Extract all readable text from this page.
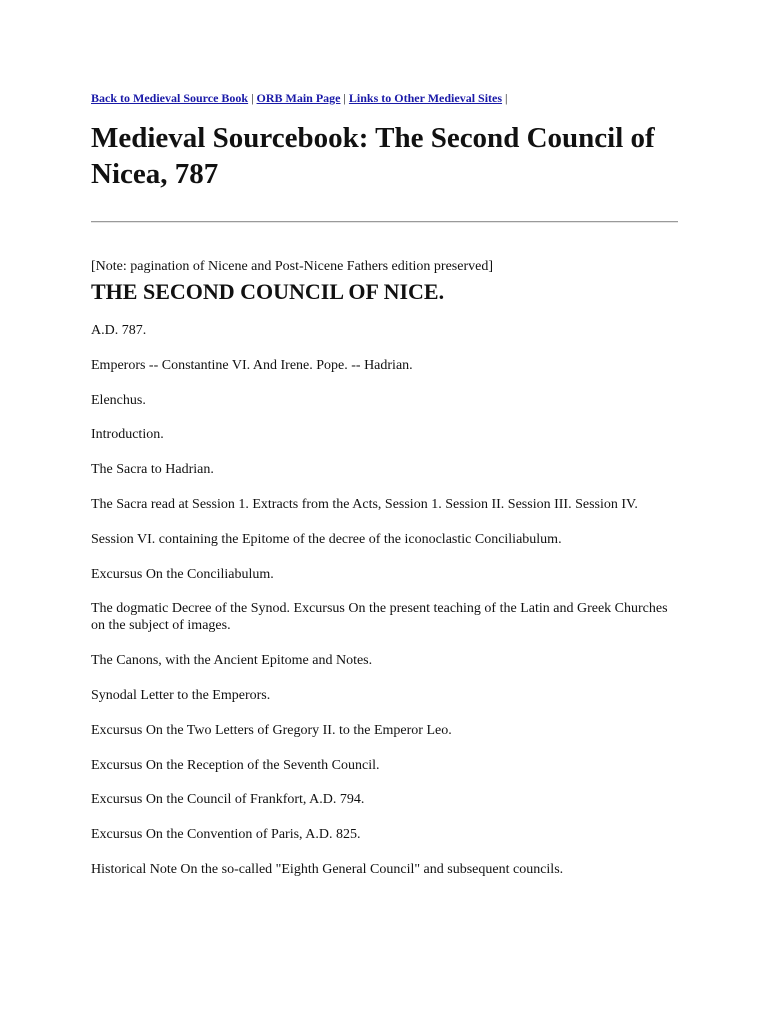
Back to Medieval Source Book | ORB Main Page | Links to Other Medieval Sites |
Medieval Sourcebook: The Second Council of Nicea, 787

[Note: pagination of Nicene and Post-Nicene Fathers edition preserved]

THE SECOND COUNCIL OF NICE.
A.D. 787.
Emperors -- Constantine VI. And Irene. Pope. -- Hadrian.
Elenchus.
Introduction.
The Sacra to Hadrian.
The Sacra read at Session 1. Extracts from the Acts, Session 1. Session II. Session III. Session IV.
Session VI. containing the Epitome of the decree of the iconoclastic Conciliabulum.
Excursus On the Conciliabulum.
The dogmatic Decree of the Synod. Excursus On the present teaching of the Latin and Greek Churches on the subject of images.
The Canons, with the Ancient Epitome and Notes.
Synodal Letter to the Emperors.
Excursus On the Two Letters of Gregory II. to the Emperor Leo.
Excursus On the Reception of the Seventh Council.
Excursus On the Council of Frankfort, A.D. 794.
Excursus On the Convention of Paris, A.D. 825.
Historical Note On the so-called "Eighth General Council" and subsequent councils.
